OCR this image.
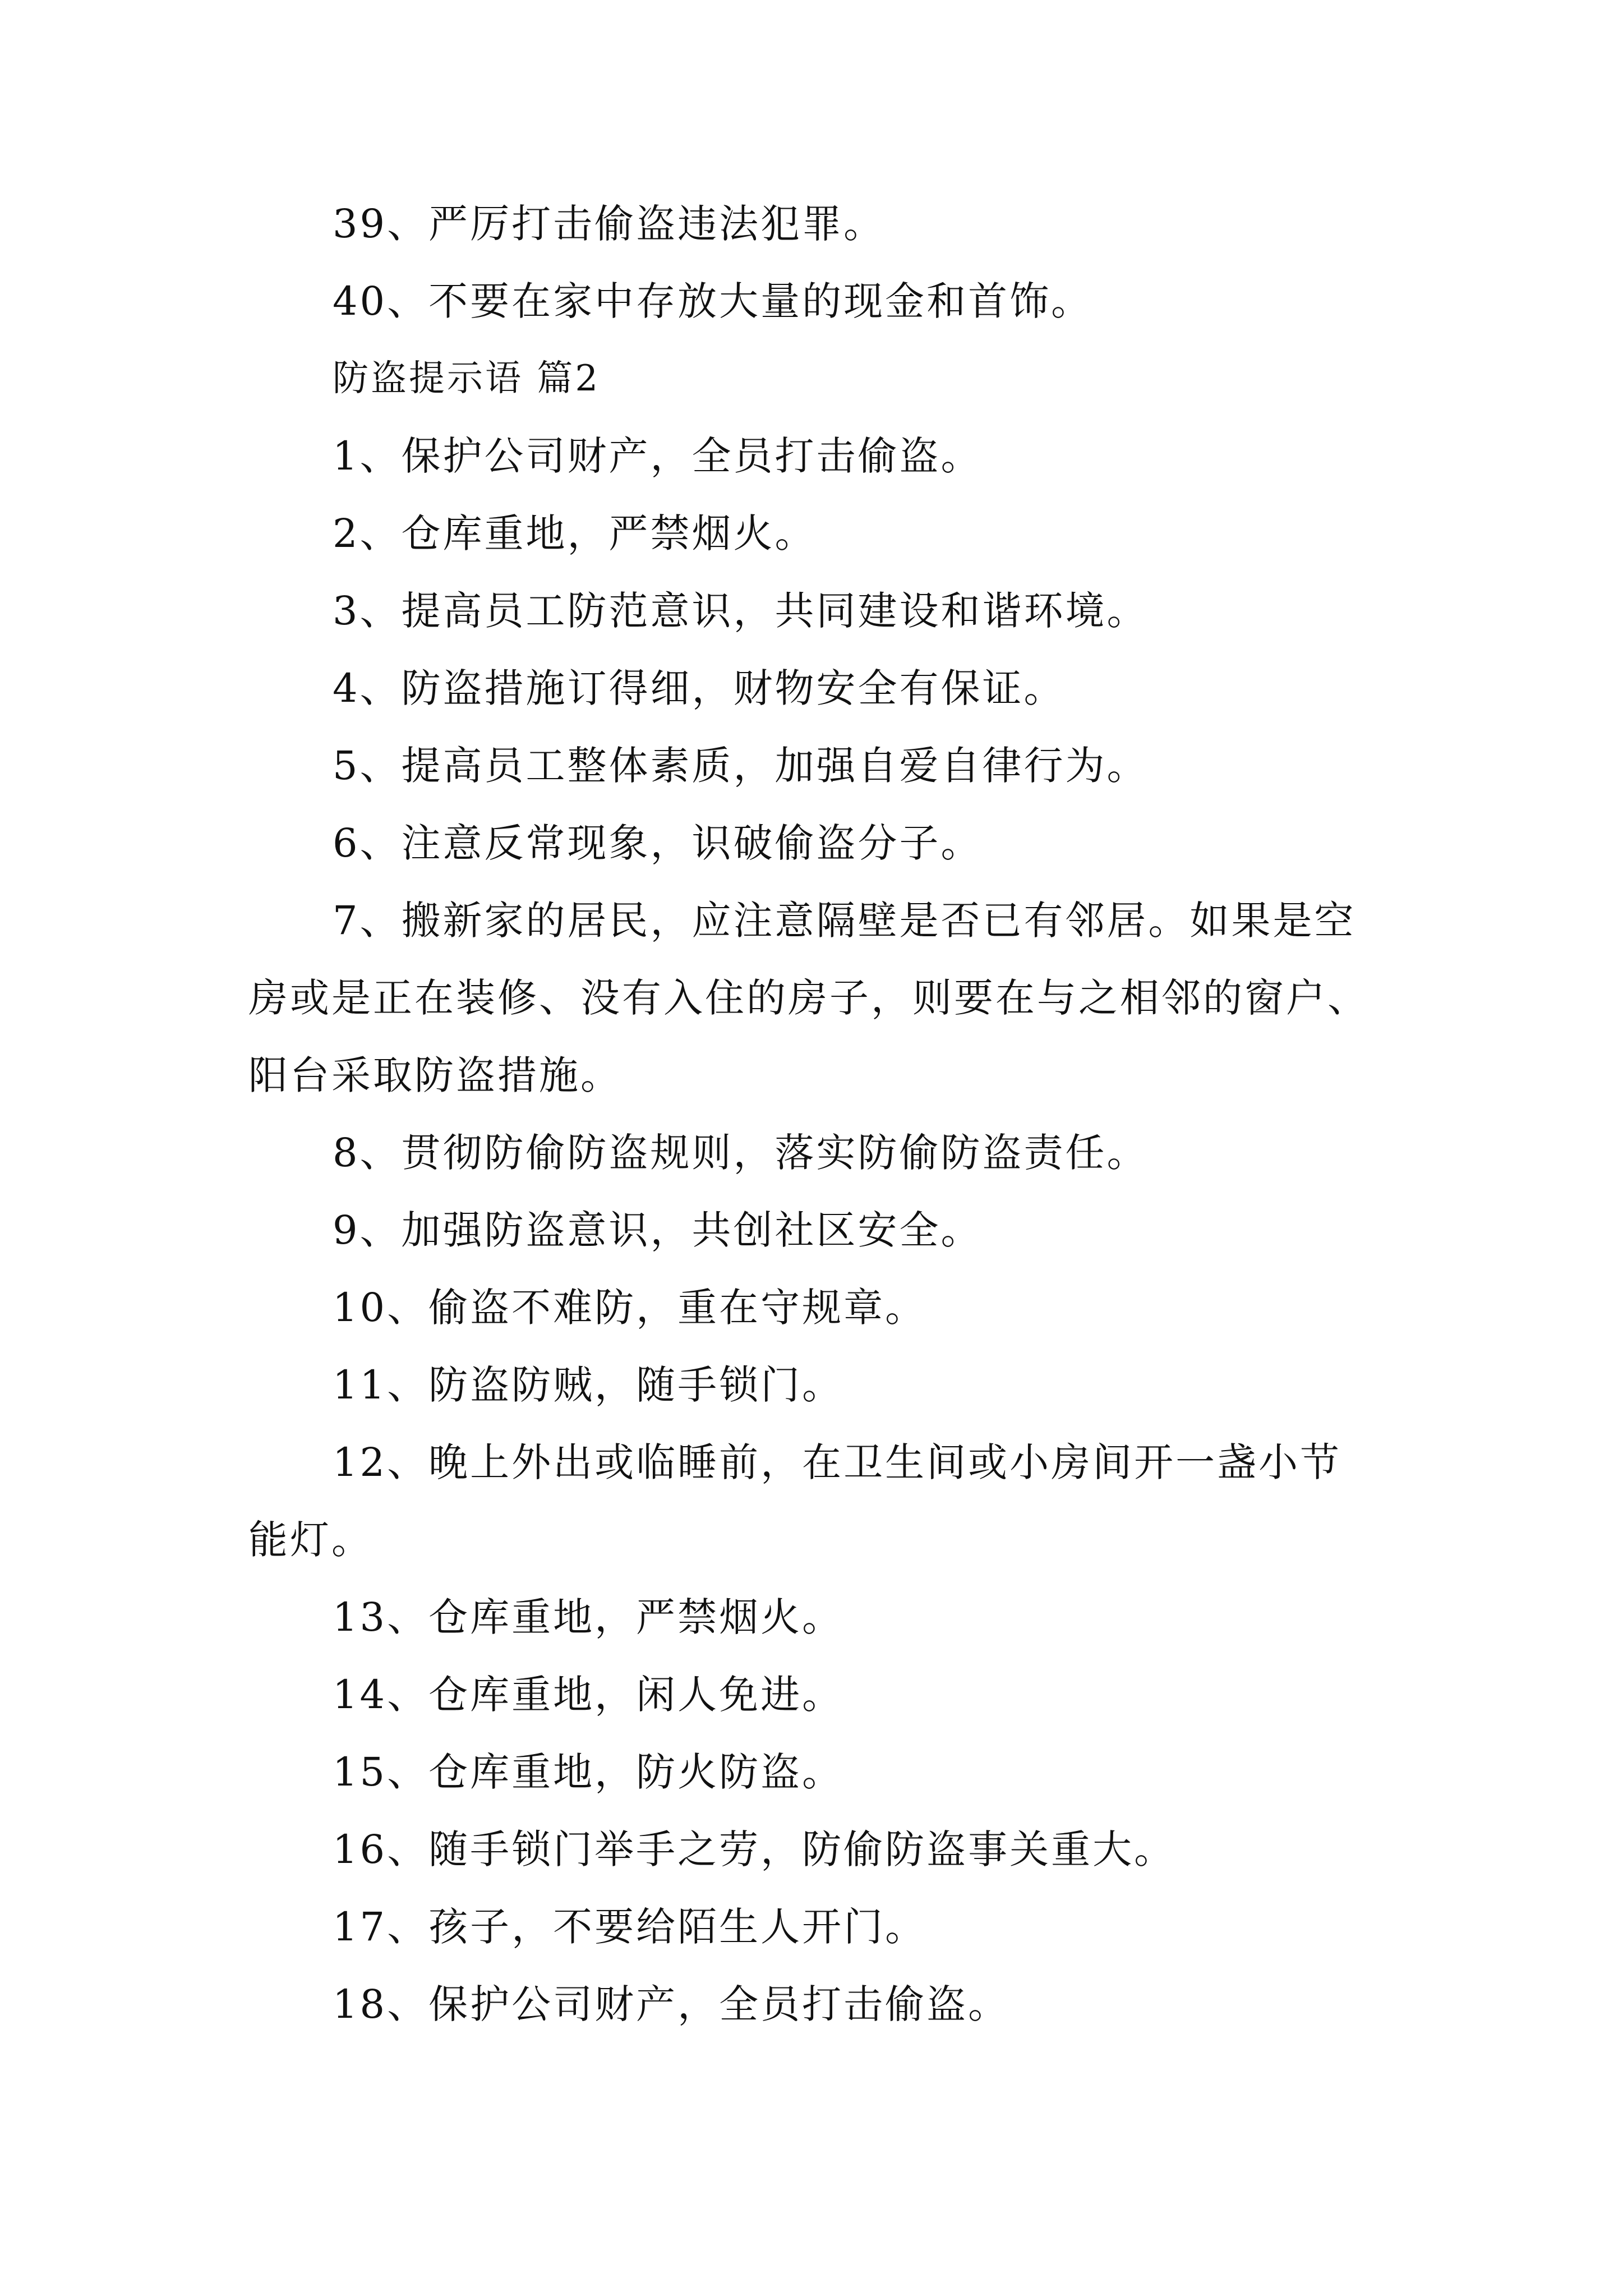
39、严厉打击偷盗违法犯罪。

40、不要在家中存放大量的现金和首饰。

防盗提示语 篇2

1、保护公司财产，全员打击偷盗。

2、仓库重地，严禁烟火。

3、提高员工防范意识，共同建设和谐环境。

4、防盗措施订得细，财物安全有保证。

5、提高员工整体素质，加强自爱自律行为。

6、注意反常现象，识破偷盗分子。

7、搬新家的居民，应注意隔壁是否已有邻居。如果是空房或是正在装修、没有入住的房子，则要在与之相邻的窗户、阳台采取防盗措施。

8、贯彻防偷防盗规则，落实防偷防盗责任。

9、加强防盗意识，共创社区安全。

10、偷盗不难防，重在守规章。

11、防盗防贼，随手锁门。

12、晚上外出或临睡前，在卫生间或小房间开一盏小节能灯。

13、仓库重地，严禁烟火。

14、仓库重地，闲人免进。

15、仓库重地，防火防盗。

16、随手锁门举手之劳，防偷防盗事关重大。

17、孩子，不要给陌生人开门。

18、保护公司财产，全员打击偷盗。
